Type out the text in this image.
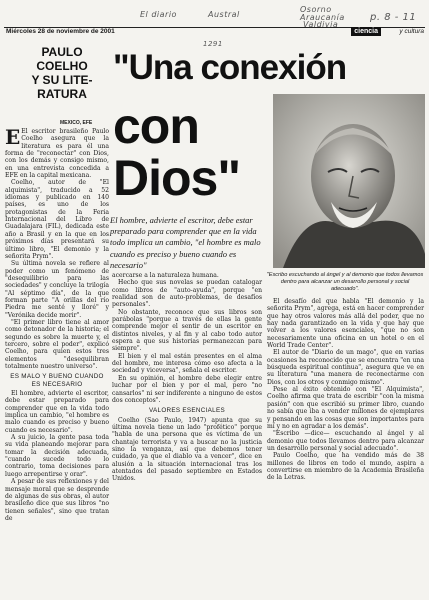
El diario	Austral
Osorno
Araucanía
Valdivia
p. 8 - 11
1291
Miércoles 28 de noviembre de 2001	ciencia	y cultura
PAULO
COELHO
Y SU LITE-
RATURA
MEXICO, EFE
"Una conexión
con
Dios"
El hombre, advierte el escritor, debe estar preparado para comprender que en la vida todo implica un cambio, "el hombre es malo cuando es preciso y bueno cuando es necesario"
"Escribo escuchando al ángel y al demonio que todos llevamos dentro para alcanzar un desarrollo personal y social adecuado".

E El escritor brasileño Paulo Coelho asegura que la literatura es para él una forma de "reconectar" con Dios, con los demás y consigo mismo, en una entrevista concedida a EFE en la capital mexicana.

Coelho, autor de "El alquimista", traducido a 52 idiomas y publicado en 140 países, es uno de los protagonistas de la Feria Internacional del Libro de Guadalajara (FIL), dedicada este año a Brasil y en la que en los próximos días presentará su último libro, "El demonio y la señorita Prym".

Su última novela se refiere al poder como un fenómeno de "desequilibrio para las sociedades" y concluye la trilogía "Al séptimo día", de la que forman parte "A orillas del río Piedra me senté y lloré" y "Verónika decide morir".

"El primer libro tiene al amor como detonador de la historia; el segundo es sobre la muerte y, el tercero, sobre el poder", explicó Coelho, para quien estos tres elementos "desequilibran totalmente nuestro universo".

ES MALO Y BUENO CUANDO ES NECESARIO

El hombre, advierte el escritor, debe estar preparado para comprender que en la vida todo implica un cambio, "el hombre es malo cuando es preciso y bueno cuando es necesario".

A su juicio, la gente pasa toda su vida planeando mejorar para tomar la decisión adecuada, "cuando sucede todo lo contrario, toma decisiones para luego arrepentirse y orar".

A pesar de sus reflexiones y del mensaje moral que se desprende de algunas de sus obras, el autor brasileño dice que sus libros "no tienen señales", sino que tratan de

acercarse a la naturaleza humana.

Hecho que sus novelas se puedan catalogar como libros de "auto-ayuda", porque "en realidad son de auto-problemas, de desafíos personales".

No obstante, reconoce que sus libros son parábolas "porque a través de ellas la gente comprende mejor el sentir de un escritor en distintos niveles, y al fin y al cabo todo autor espera a que sus historias permanezcan para siempre".

El bien y el mal están presentes en el alma del hombre, me interesa cómo eso afecta a la sociedad y viceversa", señala el escritor.

En su opinión, el hombre debe elegir entre luchar por el bien y por el mal, pero "no cansarlos" ni ser indiferente a ninguno de estos dos conceptos".

VALORES ESENCIALES

Coelho (Sao Paulo, 1947) apunta que su última novela tiene un lado "profético" porque "habla de una persona que es víctima de un chantaje terrorista y va a buscar no la justicia sino la venganza, así que debemos tener cuidado, ya que el diablo va a vencer", dice en alusión a la situación internacional tras los atentados del pasado septiembre en Estados Unidos.

El desafío del que habla "El demonio y la señorita Prym", agrega, está en hacer comprender que hay otros valores más allá del poder, que no hay nada garantizado en la vida y que hay que volver a los valores esenciales, "que no son necesariamente una oficina en un hotel o en el World Trade Center".

El autor de "Diario de un mago", que en varias ocasiones ha reconocido que se encuentra "en una búsqueda espiritual continua", asegura que ve en su literatura "una manera de reconectarme con Dios, con los otros y conmigo mismo".

Pese al éxito obtenido con "El Alquimista", Coelho afirma que trata de escribir "con la misma pasión" con que escribió su primer libro, cuando no sabía que iba a vender millones de ejemplares y pensando en las cosas que son importantes para mí y no en agradar a los demás".

"Escribo —dice— escuchando al ángel y al demonio que todos llevamos dentro para alcanzar un desarrollo personal y social adecuado".

Paulo Coelho, que ha vendido más de 38 millones de libros en todo el mundo, aspira a convertirse en miembro de la Academia Brasileña de la Letras.
